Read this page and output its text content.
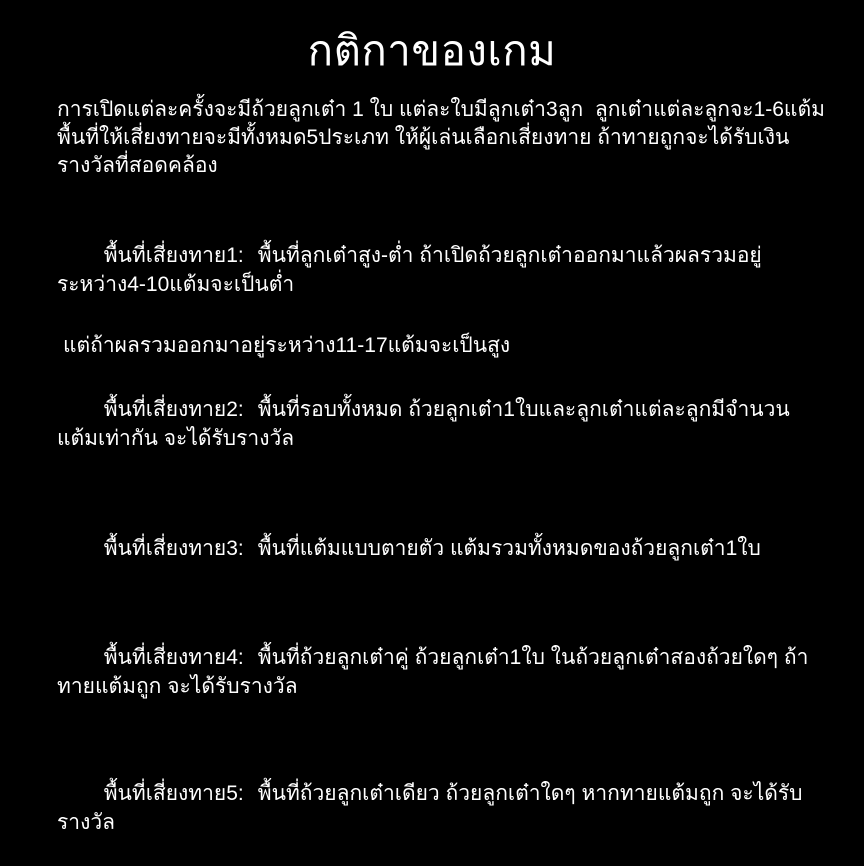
กติกาของเกม

การเปิดแต่ละครั้งจะมีถ้วยลูกเต๋า 1 ใบ แต่ละใบมีลูกเต๋า3ลูก  ลูกเต๋าแต่ละลูกจะ1-6แต้ม

พื้นที่ให้เสี่ยงทายจะมีทั้งหมด5ประเภท ให้ผู้เล่นเลือกเสี่ยงทาย ถ้าทายถูกจะได้รับเงินรางวัลที่สอดคล้อง

พื้นที่เสี่ยงทาย1: พื้นที่ลูกเต๋าสูง-ต่ำ ถ้าเปิดถ้วยลูกเต๋าออกมาแล้วผลรวมอยู่ระหว่าง4-10แต้มจะเป็นต่ำ

แต่ถ้าผลรวมออกมาอยู่ระหว่าง11-17แต้มจะเป็นสูง

พื้นที่เสี่ยงทาย2: พื้นที่รอบทั้งหมด ถ้วยลูกเต๋า1ใบและลูกเต๋าแต่ละลูกมีจำนวนแต้มเท่ากัน จะได้รับรางวัล

พื้นที่เสี่ยงทาย3: พื้นที่แต้มแบบตายตัว แต้มรวมทั้งหมดของถ้วยลูกเต๋า1ใบ

พื้นที่เสี่ยงทาย4: พื้นที่ถ้วยลูกเต๋าคู่ ถ้วยลูกเต๋า1ใบ ในถ้วยลูกเต๋าสองถ้วยใดๆ ถ้าทายแต้มถูก จะได้รับรางวัล

พื้นที่เสี่ยงทาย5: พื้นที่ถ้วยลูกเต๋าเดียว ถ้วยลูกเต๋าใดๆ หากทายแต้มถูก จะได้รับรางวัล
